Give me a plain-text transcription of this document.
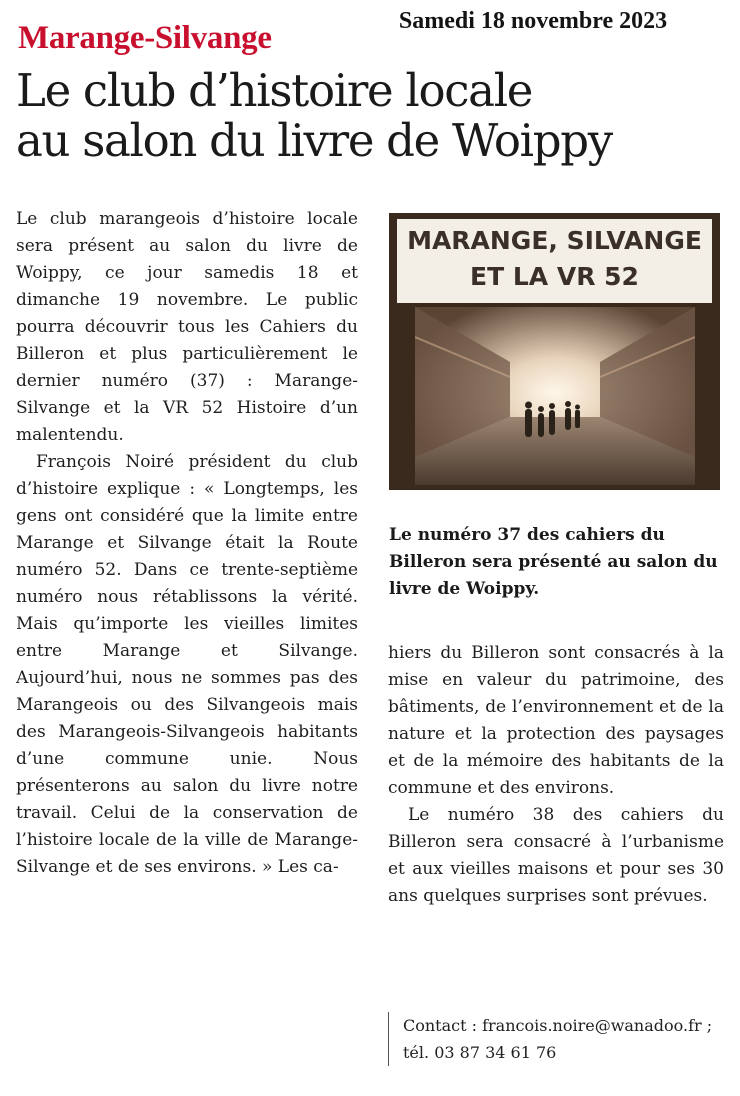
Samedi 18 novembre 2023
Marange-Silvange
Le club d’histoire locale
au salon du livre de Woippy

Le club marangeois d’histoire locale sera présent au salon du livre de Woippy, ce jour samedis 18 et dimanche 19 novembre. Le public pourra découvrir tous les Cahiers du Billeron et plus particulièrement le dernier numéro (37) : Marange-Silvange et la VR 52 Histoire d’un malentendu.

François Noiré président du club d’histoire explique : « Longtemps, les gens ont considéré que la limite entre Marange et Silvange était la Route numéro 52. Dans ce trente-septième numéro nous rétablissons la vérité. Mais qu’importe les vieilles limites entre Marange et Silvange. Aujourd’hui, nous ne sommes pas des Marangeois ou des Silvangeois mais des Marangeois-Silvangeois habitants d’une commune unie. Nous présenterons au salon du livre notre travail. Celui de la conservation de l’histoire locale de la ville de Marange-Silvange et de ses environs. » Les ca-

MARANGE, SILVANGE
ET LA VR 52
Le numéro 37 des cahiers du Billeron sera présenté au salon du livre de Woippy.

hiers du Billeron sont consacrés à la mise en valeur du patrimoine, des bâtiments, de l’environnement et de la nature et la protection des paysages et de la mémoire des habitants de la commune et des environs.

Le numéro 38 des cahiers du Billeron sera consacré à l’urbanisme et aux vieilles maisons et pour ses 30 ans quelques surprises sont prévues.

Contact : francois.noire@wanadoo.fr ; tél. 03 87 34 61 76
